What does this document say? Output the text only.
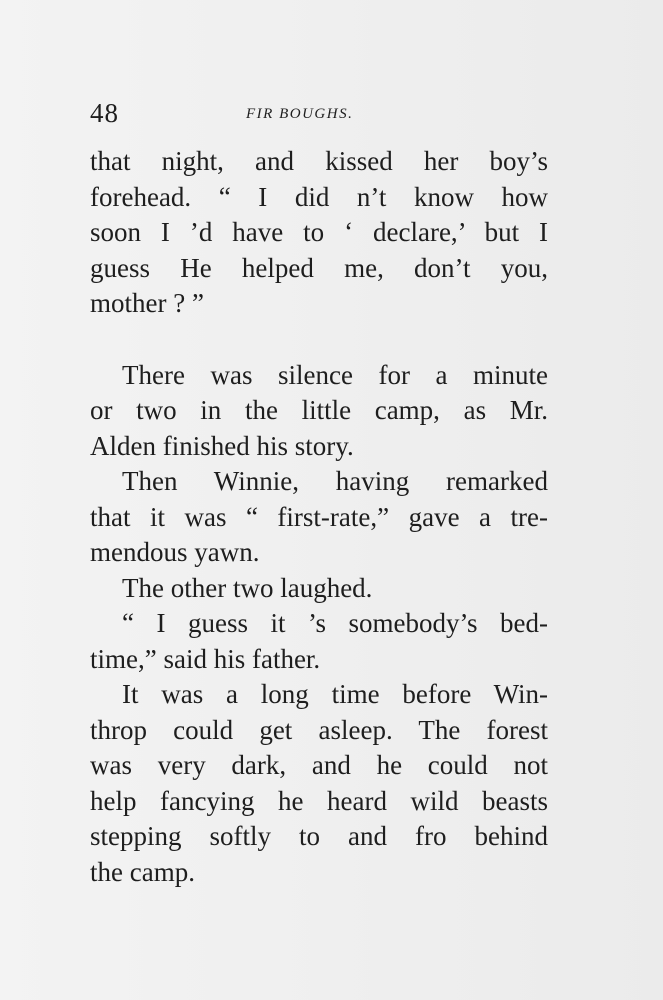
48	FIR BOUGHS.

that night, and kissed her boy’s

forehead. “ I did n’t know how

soon I ’d have to ‘ declare,’ but I

guess He helped me, don’t you,

mother ? ”

There was silence for a minute

or two in the little camp, as Mr.

Alden finished his story.

Then Winnie, having remarked

that it was “ first-rate,” gave a tre-

mendous yawn.

The other two laughed.

“ I guess it ’s somebody’s bed-

time,” said his father.

It was a long time before Win-

throp could get asleep. The forest

was very dark, and he could not

help fancying he heard wild beasts

stepping softly to and fro behind

the camp.
